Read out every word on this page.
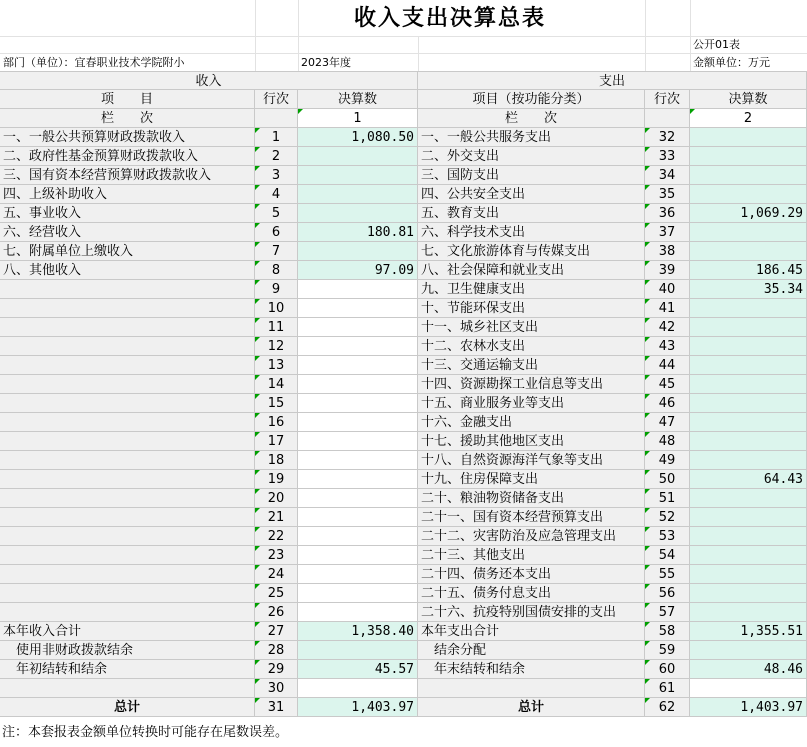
收入支出决算总表
公开01表
部门（单位）：宜春职业技术学院附小	2023年度	金额单位：万元
收入	支出
项　　目	行次	决算数	项目（按功能分类）	行次	决算数
栏　　次	1	栏　　次	2
一、一般公共预算财政拨款收入	1	1,080.50 一、一般公共服务支出	32
二、政府性基金预算财政拨款收入	2	二、外交支出	33
三、国有资本经营预算财政拨款收入	3	三、国防支出	34
四、上级补助收入	4	四、公共安全支出	35
五、事业收入	5	五、教育支出	36	1,069.29
六、经营收入	6	180.81 六、科学技术支出	37
七、附属单位上缴收入	7	七、文化旅游体育与传媒支出	38
八、其他收入	8	97.09 八、社会保障和就业支出	39	186.45
9	九、卫生健康支出	40	35.34
10	十、节能环保支出	41
11	十一、城乡社区支出	42
12	十二、农林水支出	43
13	十三、交通运输支出	44
14	十四、资源勘探工业信息等支出	45
15	十五、商业服务业等支出	46
16	十六、金融支出	47
17	十七、援助其他地区支出	48
18	十八、自然资源海洋气象等支出	49
19	十九、住房保障支出	50	64.43
20	二十、粮油物资储备支出	51
21	二十一、国有资本经营预算支出	52
22	二十二、灾害防治及应急管理支出	53
23	二十三、其他支出	54
24	二十四、债务还本支出	55
25	二十五、债务付息支出	56
26	二十六、抗疫特别国债安排的支出	57
本年收入合计	27	1,358.40 本年支出合计	58	1,355.51
　使用非财政拨款结余	28	　结余分配	59
　年初结转和结余	29	45.57 　年末结转和结余	60	48.46
30	61
总计	31	1,403.97	总计	62	1,403.97
注：本套报表金额单位转换时可能存在尾数误差。
